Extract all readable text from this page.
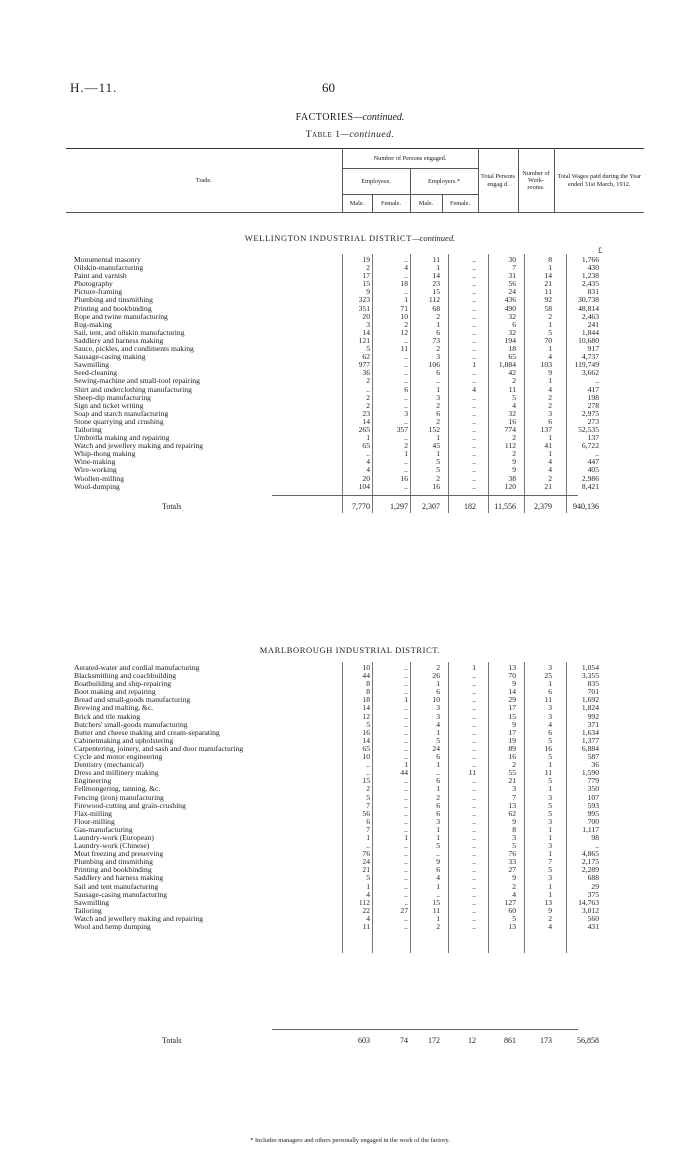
H.—11.	60
FACTORIES—continued.
Table 1—continued.
Trade.	Number of Persons engaged.				Total Persons engag d.	Number of Work-rooms.	Total Wages paid during the Year ended 31st March, 1912.
	Employees.		Employers.*				
	Male.	Female.	Male.	Female.			
WELLINGTON INDUSTRIAL DISTRICT—continued.
£
Monumental masonry	19	..	11	..	30	8	1,766
Oilskin-manufacturing	2	4	1	..	7	1	430
Paint and varnish	17	..	14	..	31	14	1,238
Photography	15	18	23	..	56	21	2,435
Picture-framing	9	..	15	..	24	11	831
Plumbing and tinsmithing	323	1	112	..	436	92	30,738
Printing and bookbinding	351	71	68	..	490	58	48,814
Rope and twine manufacturing	20	10	2	..	32	2	2,463
Rug-making	3	2	1	..	6	1	241
Sail, tent, and oilskin manufacturing	14	12	6	..	32	5	1,844
Saddlery and harness making	121	..	73	..	194	70	10,680
Sauce, pickles, and condiments making	5	11	2	..	18	1	917
Sausage-casing making	62	..	3	..	65	4	4,737
Sawmilling	977	..	106	1	1,084	103	119,749
Seed-cleaning	36	..	6	..	42	9	3,662
Sewing-machine and small-tool repairing	2	..	..	..	2	1	..
Shirt and underclothing manufacturing	..	6	1	4	11	4	417
Sheep-dip manufacturing	2	..	3	..	5	2	198
Sign and ticket writing	2	..	2	..	4	2	278
Soap and starch manufacturing	23	3	6	..	32	3	2,975
Stone quarrying and crushing	14	..	2	..	16	6	273
Tailoring	265	357	152	..	774	137	52,535
Umbrella making and repairing	1	..	1	..	2	1	137
Watch and jewellery making and repairing	65	2	45	..	112	41	6,722
Whip-thong making	..	1	1	..	2	1	..
Wine-making	4	..	5	..	9	4	447
Wire-working	4	..	5	..	9	4	405
Woollen-milling	20	16	2	..	38	2	2,986
Wool-dumping	104	..	16	..	120	21	8,421
Totals	7,770	1,297	2,307	182	11,556	2,379	940,136
MARLBOROUGH INDUSTRIAL DISTRICT.
Aerated-water and cordial manufacturing	10	..	2	1	13	3	1,054
Blacksmithing and coachbuilding	44	..	26	..	70	25	3,355
Boatbuilding and ship-repairing	8	..	1	..	9	1	835
Boot making and repairing	8	..	6	..	14	6	701
Bread and small-goods manufacturing	18	1	10	..	29	11	1,692
Brewing and malting, &c.	14	..	3	..	17	3	1,824
Brick and tile making	12	..	3	..	15	3	992
Butchers' small-goods manufacturing	5	..	4	..	9	4	371
Butter and cheese making and cream-separating	16	..	1	..	17	6	1,634
Cabinetmaking and upholstering	14	..	5	..	19	5	1,377
Carpentering, joinery, and sash and door manufacturing	65	..	24	..	89	16	6,884
Cycle and motor engineering	10	..	6	..	16	5	587
Dentistry (mechanical)	..	1	1	..	2	1	36
Dress and millinery making	..	44	..	11	55	11	1,590
Engineering	15	..	6	..	21	5	779
Fellmongering, tanning, &c.	2	..	1	..	3	1	350
Fencing (iron) manufacturing	5	..	2	..	7	3	107
Firewood-cutting and grain-crushing	7	..	6	..	13	5	593
Flax-milling	56	..	6	..	62	5	995
Flour-milling	6	..	3	..	9	3	700
Gas-manufacturing	7	..	1	..	8	1	1,117
Laundry-work (European)	1	1	1	..	3	1	98
Laundry-work (Chinese)	..	..	5	..	5	3	..
Meat freezing and preserving	76	..	..	..	76	1	4,865
Plumbing and tinsmithing	24	..	9	..	33	7	2,175
Printing and bookbinding	21	..	6	..	27	5	2,289
Saddlery and harness making	5	..	4	..	9	3	688
Sail and tent manufacturing	1	..	1	..	2	1	29
Sausage-casing manufacturing	4	..	..	..	4	1	375
Sawmilling	112	..	15	..	127	13	14,763
Tailoring	22	27	11	..	60	9	3,012
Watch and jewellery making and repairing	4	..	1	..	5	2	560
Wool and hemp dumping	11	..	2	..	13	4	431
Totals	603	74	172	12	861	173	56,858
* Includes managers and others personally engaged in the work of the factory.
